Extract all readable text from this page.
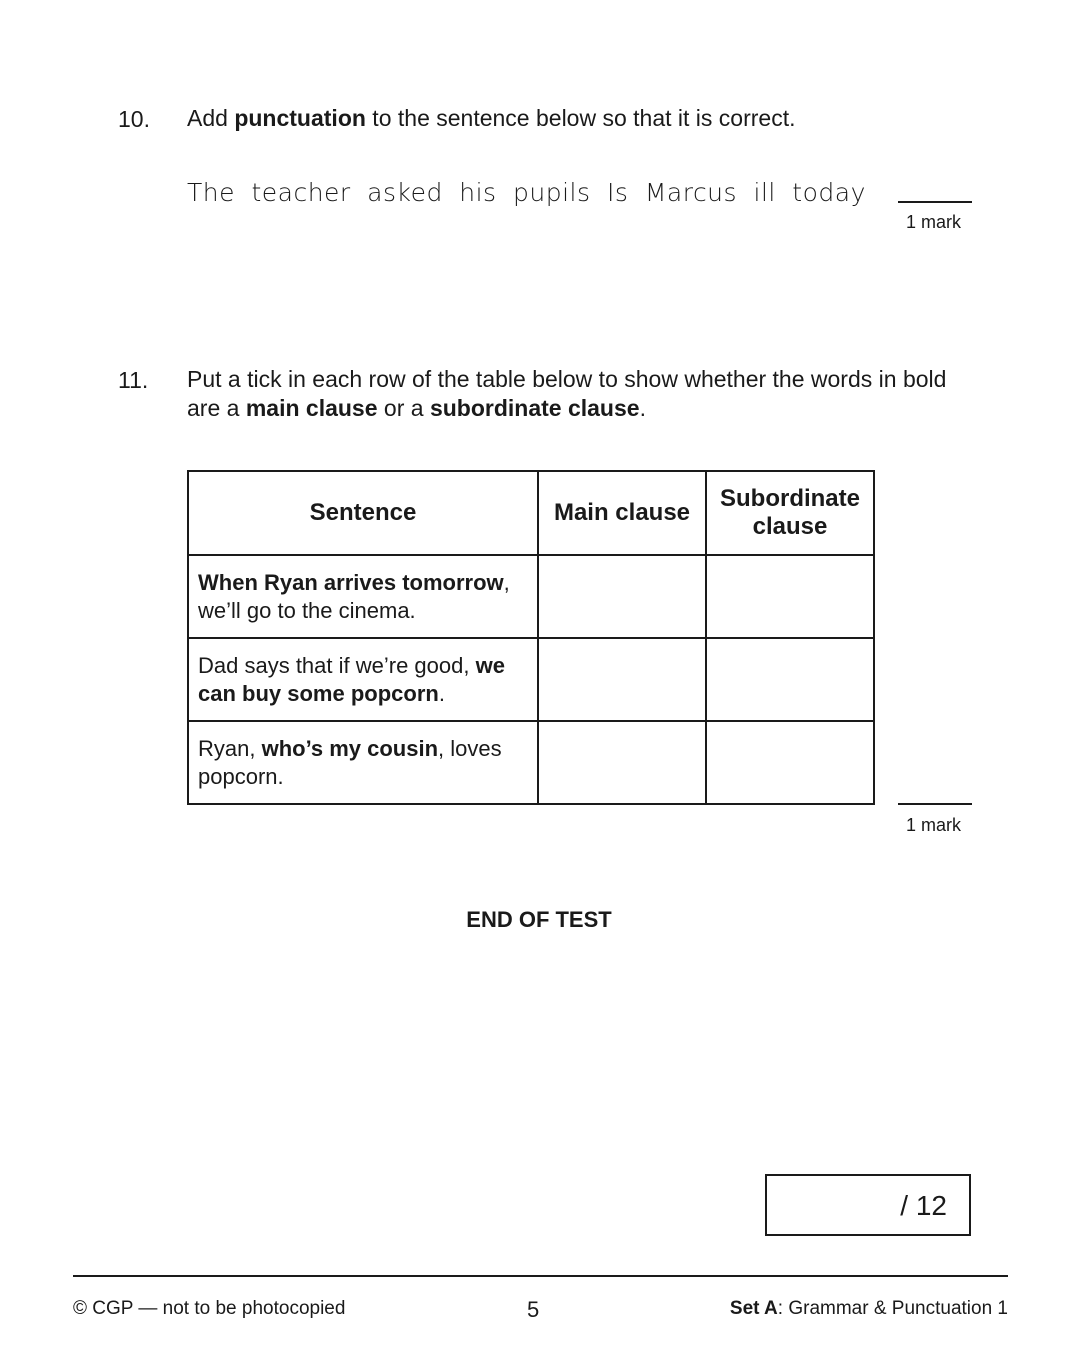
10. Add punctuation to the sentence below so that it is correct.
The teacher asked his pupils Is Marcus ill today
1 mark
11. Put a tick in each row of the table below to show whether the words in bold
are a main clause or a subordinate clause.
Sentence	Main clause	Subordinate clause

When Ryan arrives tomorrow, we’ll go to the cinema.		
Dad says that if we’re good, we can buy some popcorn.		
Ryan, who’s my cousin, loves popcorn.		
1 mark
END OF TEST
/ 12
© CGP — not to be photocopied	5	Set A: Grammar & Punctuation 1
